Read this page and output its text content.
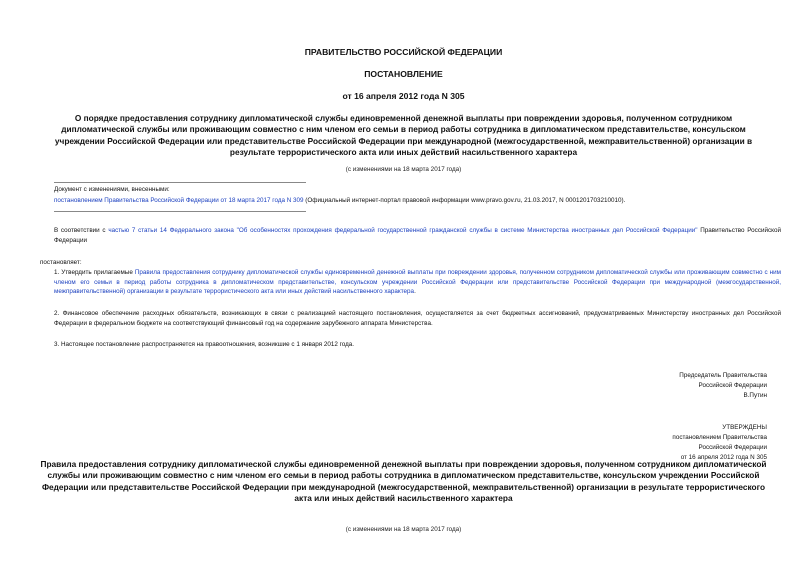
ПРАВИТЕЛЬСТВО РОССИЙСКОЙ ФЕДЕРАЦИИ
ПОСТАНОВЛЕНИЕ
от 16 апреля 2012 года N 305
О порядке предоставления сотруднику дипломатической службы единовременной денежной выплаты при повреждении здоровья, полученном сотрудником дипломатической службы или проживающим совместно с ним членом его семьи в период работы сотрудника в дипломатическом представительстве, консульском учреждении Российской Федерации или представительстве Российской Федерации при международной (межгосударственной, межправительственной) организации в результате террористического акта или иных действий насильственного характера
(с изменениями на 18 марта 2017 года)
Документ с изменениями, внесенными:
постановлением Правительства Российской Федерации от 18 марта 2017 года N 309 (Официальный интернет-портал правовой информации www.pravo.gov.ru, 21.03.2017, N 0001201703210010).
В соответствии с частью 7 статьи 14 Федерального закона "Об особенностях прохождения федеральной государственной гражданской службы в системе Министерства иностранных дел Российской Федерации" Правительство Российской Федерации
постановляет:
1. Утвердить прилагаемые Правила предоставления сотруднику дипломатической службы единовременной денежной выплаты при повреждении здоровья, полученном сотрудником дипломатической службы или проживающим совместно с ним членом его семьи в период работы сотрудника в дипломатическом представительстве, консульском учреждении Российской Федерации или представительстве Российской Федерации при международной (межгосударственной, межправительственной) организации в результате террористического акта или иных действий насильственного характера.
2. Финансовое обеспечение расходных обязательств, возникающих в связи с реализацией настоящего постановления, осуществляется за счет бюджетных ассигнований, предусматриваемых Министерству иностранных дел Российской Федерации в федеральном бюджете на соответствующий финансовый год на содержание зарубежного аппарата Министерства.
3. Настоящее постановление распространяется на правоотношения, возникшие с 1 января 2012 года.
Председатель Правительства
Российской Федерации
В.Путин
УТВЕРЖДЕНЫ
постановлением Правительства
Российской Федерации
от 16 апреля 2012 года N 305
Правила предоставления сотруднику дипломатической службы единовременной денежной выплаты при повреждении здоровья, полученном сотрудником дипломатической службы или проживающим совместно с ним членом его семьи в период работы сотрудника в дипломатическом представительстве, консульском учреждении Российской Федерации или представительстве Российской Федерации при международной (межгосударственной, межправительственной) организации в результате террористического акта или иных действий насильственного характера
(с изменениями на 18 марта 2017 года)
